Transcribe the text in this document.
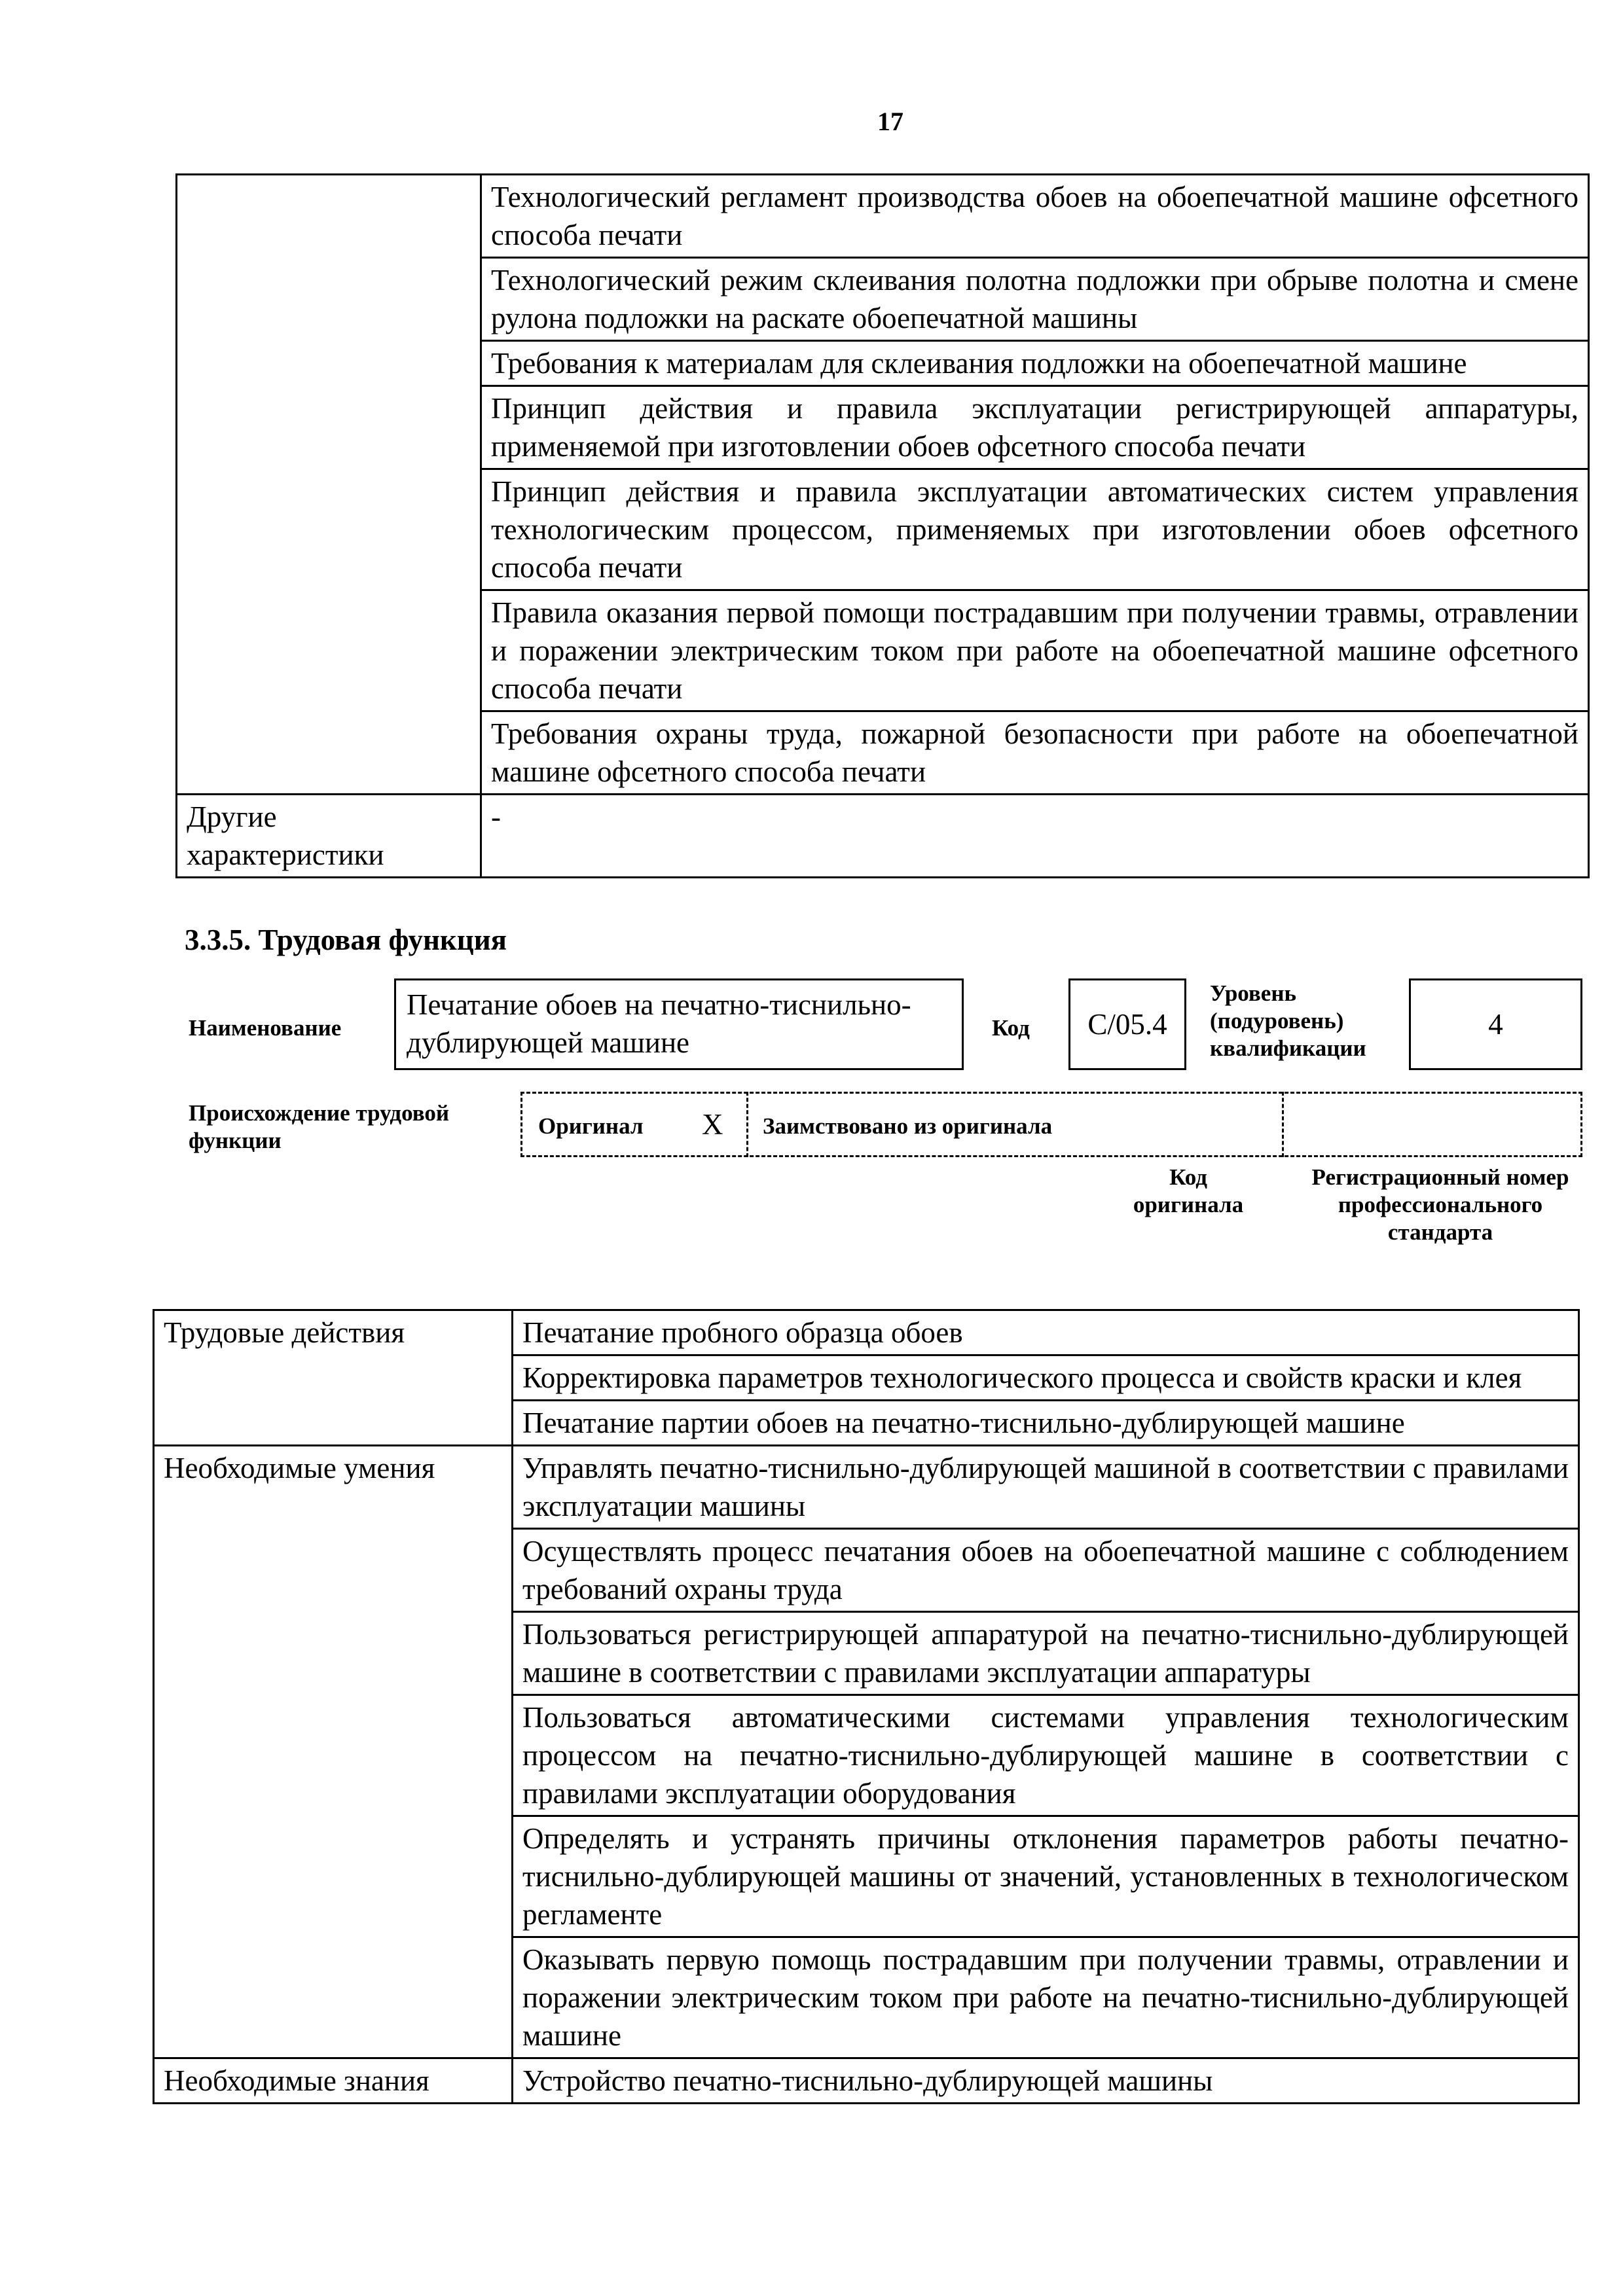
17
	Технологический регламент производства обоев на обоепечатной машине офсетного способа печати
	Технологический режим склеивания полотна подложки при обрыве полотна и смене рулона подложки на раскате обоепечатной машины
	Требования к материалам для склеивания подложки на обоепечатной машине
	Принцип действия и правила эксплуатации регистрирующей аппаратуры, применяемой при изготовлении обоев офсетного способа печати
	Принцип действия и правила эксплуатации автоматических систем управления технологическим процессом, применяемых при изготовлении обоев офсетного способа печати
	Правила оказания первой помощи пострадавшим при получении травмы, отравлении и поражении электрическим током при работе на обоепечатной машине офсетного способа печати
	Требования охраны труда, пожарной безопасности при работе на обоепечатной машине офсетного способа печати
Другие характеристики	-
3.3.5. Трудовая функция
Наименование
Печатание обоев на печатно-тиснильно-дублирующей машине	Код	C/05.4
Уровень (подуровень) квалификации
4
Происхождение трудовой функции
Оригинал X Заимствовано из оригинала
Код оригинала
Регистрационный номер профессионального стандарта
Трудовые действия	Печатание пробного образца обоев
	Корректировка параметров технологического процесса и свойств краски и клея
	Печатание партии обоев на печатно-тиснильно-дублирующей машине
Необходимые умения	Управлять печатно-тиснильно-дублирующей машиной в соответствии с правилами эксплуатации машины
	Осуществлять процесс печатания обоев на обоепечатной машине с соблюдением требований охраны труда
	Пользоваться регистрирующей аппаратурой на печатно-тиснильно-дублирующей машине в соответствии с правилами эксплуатации аппаратуры
	Пользоваться автоматическими системами управления технологическим процессом на печатно-тиснильно-дублирующей машине в соответствии с правилами эксплуатации оборудования
	Определять и устранять причины отклонения параметров работы печатно-тиснильно-дублирующей машины от значений, установленных в технологическом регламенте
	Оказывать первую помощь пострадавшим при получении травмы, отравлении и поражении электрическим током при работе на печатно-тиснильно-дублирующей машине
Необходимые знания	Устройство печатно-тиснильно-дублирующей машины
